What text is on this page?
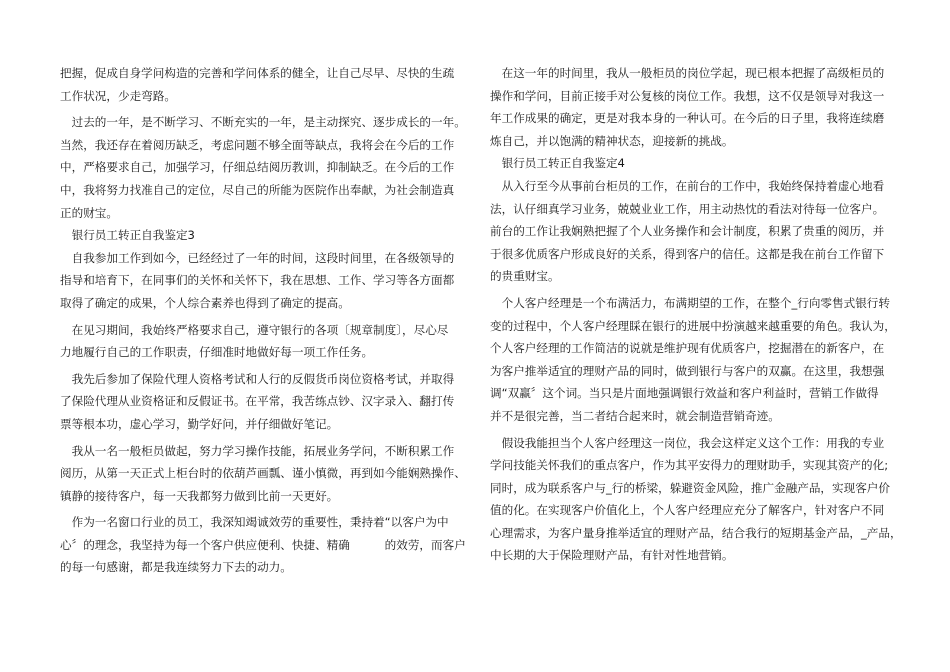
把握，促成自身学问构造的完善和学问体系的健全，让自己尽早、尽快的生疏
工作状况，少走弯路。
　过去的一年，是不断学习、不断充实的一年，是主动探究、逐步成长的一年。
当然，我还存在着阅历缺乏，考虑问题不够全面等缺点，我将会在今后的工作
中，严格要求自己，加强学习，仔细总结阅历教训，抑制缺乏。在今后的工作
中，我将努力找准自己的定位，尽自己的所能为医院作出奉献，为社会制造真
正的财宝。
　银行员工转正自我鉴定3
　自我参加工作到如今，已经经过了一年的时间，这段时间里，在各级领导的
指导和培育下，在同事们的关怀和关怀下，我在思想、工作、学习等各方面都
取得了确定的成果，个人综合素养也得到了确定的提高。
　在见习期间，我始终严格要求自己，遵守银行的各项〔规章制度〕，尽心尽
力地履行自己的工作职责，仔细准时地做好每一项工作任务。
　我先后参加了保险代理人资格考试和人行的反假货币岗位资格考试，并取得
了保险代理从业资格证和反假证书。在平常，我苦练点钞、汉字录入、翻打传
票等根本功，虚心学习，勤学好问，并仔细做好笔记。
　我从一名一般柜员做起，努力学习操作技能，拓展业务学问，不断积累工作
阅历，从第一天正式上柜台时的依葫芦画瓢、谨小慎微，再到如今能娴熟操作、
镇静的接待客户，每一天我都努力做到比前一天更好。
　作为一名窗口行业的员工，我深知竭诚效劳的重要性，秉持着“以客户为中
心〞的理念，我坚持为每一个客户供应便利、快捷、精确　　　的效劳，而客户
的每一句感谢，都是我连续努力下去的动力。
　在这一年的时间里，我从一般柜员的岗位学起，现已根本把握了高级柜员的
操作和学问，目前正接手对公复核的岗位工作。我想，这不仅是领导对我这一
年工作成果的确定，更是对我本身的一种认可。在今后的日子里，我将连续磨
炼自己，并以饱满的精神状态，迎接新的挑战。
　银行员工转正自我鉴定4
　从入行至今从事前台柜员的工作，在前台的工作中，我始终保持着虚心地看
法，认仔细真学习业务，兢兢业业工作，用主动热忱的看法对待每一位客户。
前台的工作让我娴熟把握了个人业务操作和会计制度，积累了贵重的阅历，并
于很多优质客户形成良好的关系，得到客户的信任。这都是我在前台工作留下
的贵重财宝。
　个人客户经理是一个布满活力，布满期望的工作，在整个_行向零售式银行转
变的过程中，个人客户经理睬在银行的进展中扮演越来越重要的角色。我认为，
个人客户经理的工作简洁的说就是维护现有优质客户，挖掘潜在的新客户，在
为客户推举适宜的理财产品的同时，做到银行与客户的双赢。在这里，我想强
调“双赢〞这个词。当只是片面地强调银行效益和客户利益时，营销工作做得
并不是很完善，当二者结合起来时，就会制造营销奇迹。
　假设我能担当个人客户经理这一岗位，我会这样定义这个工作：用我的专业
学问技能关怀我们的重点客户，作为其平安得力的理财助手，实现其资产的化;
同时，成为联系客户与_行的桥梁，躲避资金风险，推广金融产品，实现客户价
值的化。在实现客户价值化上，个人客户经理应充分了解客户，针对客户不同
心理需求，为客户量身推举适宜的理财产品，结合我行的短期基金产品，_产品，
中长期的大于保险理财产品，有针对性地营销。
